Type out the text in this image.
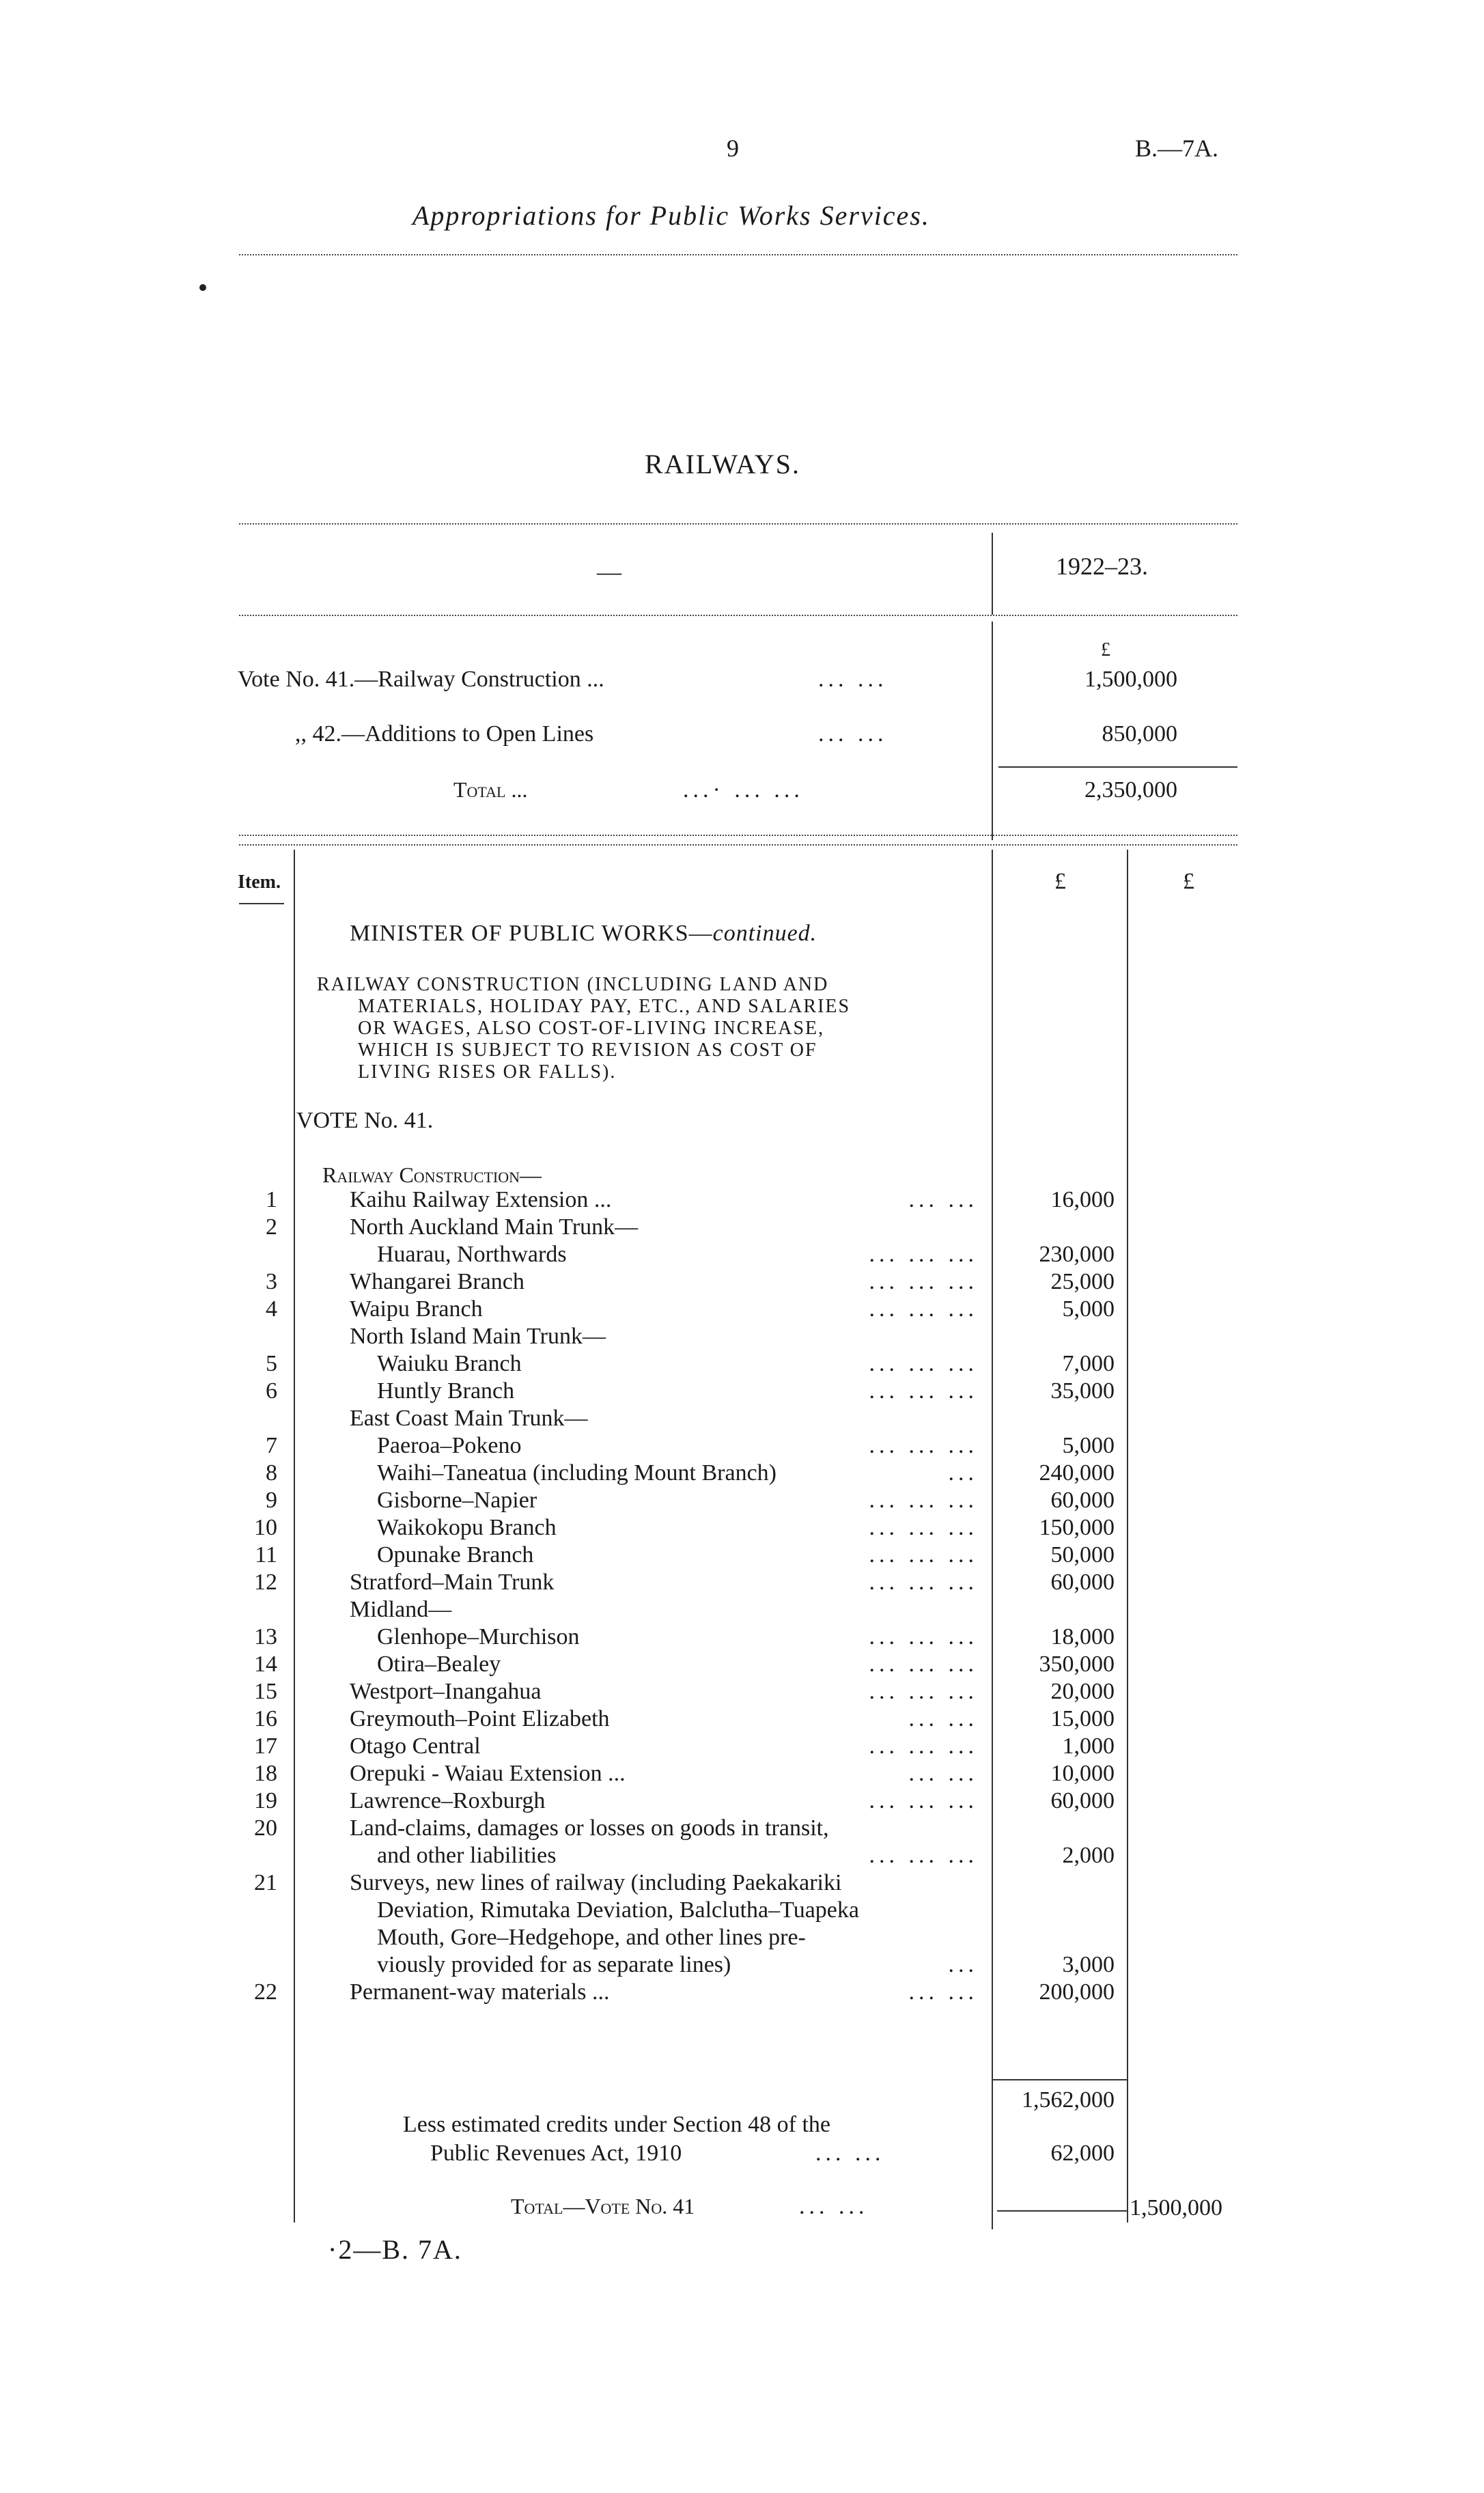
9	B.—7A.
Appropriations for Public Works Services.
RAILWAYS.
—	1922–23.
£
Vote No. 41.—Railway Construction ...	... ...	1,500,000
,, 42.—Additions to Open Lines	... ...	850,000
Total ...	...· ... ...	2,350,000
Item.	£	£
MINISTER OF PUBLIC WORKS—continued.
RAILWAY CONSTRUCTION (INCLUDING LAND AND
MATERIALS, HOLIDAY PAY, ETC., AND SALARIES
OR WAGES, ALSO COST-OF-LIVING INCREASE,
WHICH IS SUBJECT TO REVISION AS COST OF
LIVING RISES OR FALLS).
VOTE No. 41.
Railway Construction—
1	Kaihu Railway Extension ...	... ...	16,000
2	North Auckland Main Trunk—
Huarau, Northwards	... ... ...	230,000
3	Whangarei Branch	... ... ...	25,000
4	Waipu Branch	... ... ...	5,000
North Island Main Trunk—
5	Waiuku Branch	... ... ...	7,000
6	Huntly Branch	... ... ...	35,000
East Coast Main Trunk—
7	Paeroa–Pokeno	... ... ...	5,000
8	Waihi–Taneatua (including Mount Branch)	...	240,000
9	Gisborne–Napier	... ... ...	60,000
10	Waikokopu Branch	... ... ...	150,000
11	Opunake Branch	... ... ...	50,000
12	Stratford–Main Trunk	... ... ...	60,000
Midland—
13	Glenhope–Murchison	... ... ...	18,000
14	Otira–Bealey	... ... ...	350,000
15	Westport–Inangahua	... ... ...	20,000
16	Greymouth–Point Elizabeth	... ...	15,000
17	Otago Central	... ... ...	1,000
18	Orepuki - Waiau Extension ...	... ...	10,000
19	Lawrence–Roxburgh	... ... ...	60,000
20	Land-claims, damages or losses on goods in transit,
and other liabilities	... ... ...	2,000
21	Surveys, new lines of railway (including Paekakariki
Deviation, Rimutaka Deviation, Balclutha–Tuapeka
Mouth, Gore–Hedgehope, and other lines pre-
viously provided for as separate lines)	...	3,000
22	Permanent-way materials ...	... ...	200,000
1,562,000
Less estimated credits under Section 48 of the
Public Revenues Act, 1910	... ...	62,000
Total—Vote No. 41	... ...	1,500,000
·2—B. 7A.
